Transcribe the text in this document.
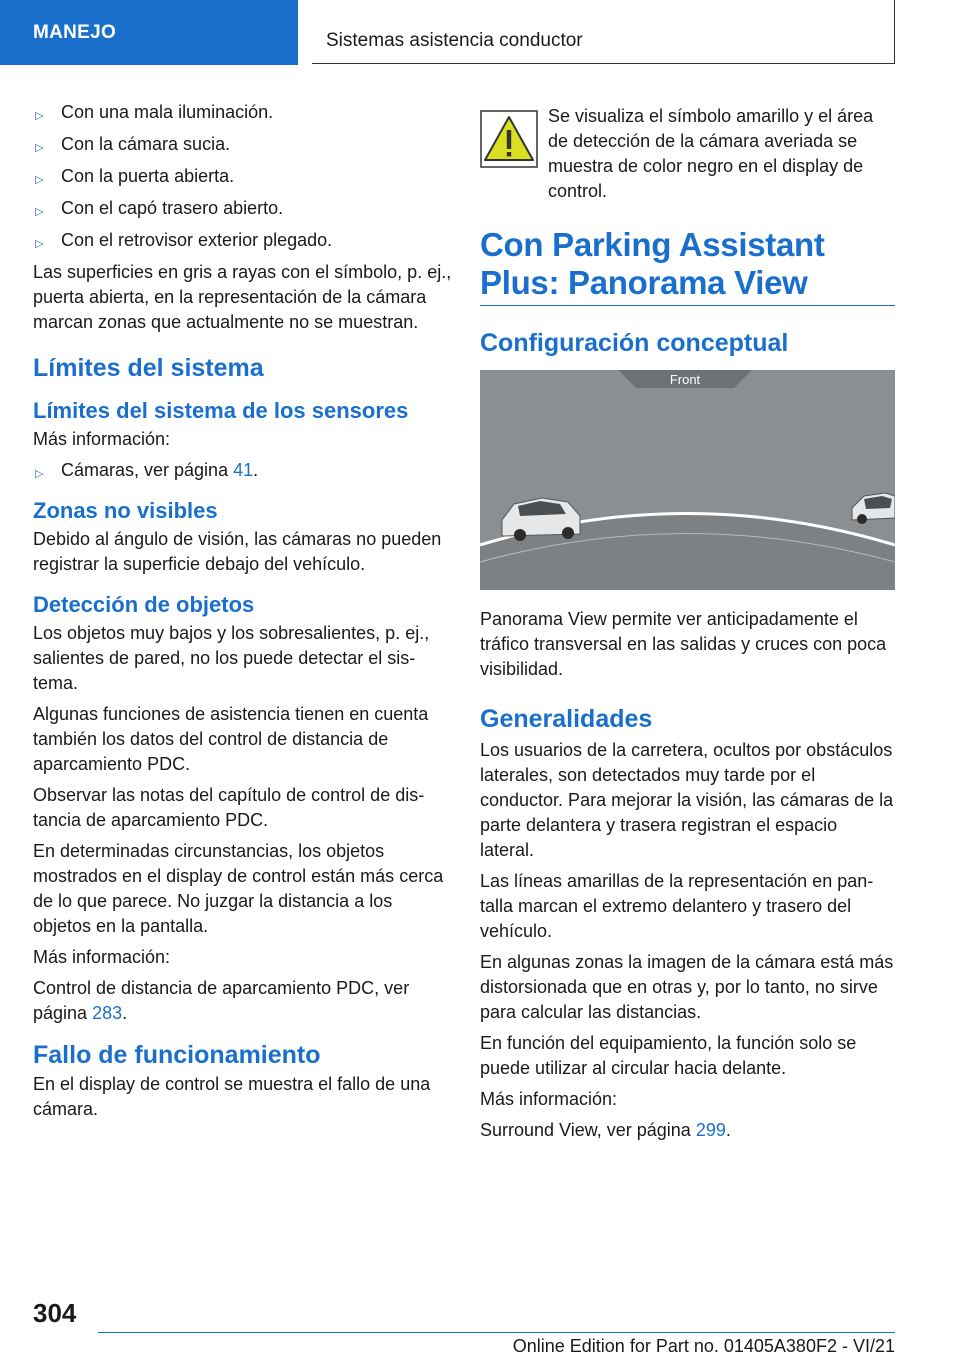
MANEJO	Sistemas asistencia conductor
▷ Con una mala iluminación.
▷ Con la cámara sucia.
▷ Con la puerta abierta.
▷ Con el capó trasero abierto.
▷ Con el retrovisor exterior plegado.

Las superficies en gris a rayas con el símbolo, p. ej., puerta abierta, en la representación de la cámara marcan zonas que actualmente no se muestran.

Límites del sistema
Límites del sistema de los sensores

Más información:

▷ Cámaras, ver página 41.
Zonas no visibles

Debido al ángulo de visión, las cámaras no pueden registrar la superficie debajo del vehículo.

Detección de objetos

Los objetos muy bajos y los sobresalientes, p. ej., salientes de pared, no los puede detectar el sistema.

Algunas funciones de asistencia tienen en cuenta también los datos del control de distancia de aparcamiento PDC.

Observar las notas del capítulo de control de distancia de aparcamiento PDC.

En determinadas circunstancias, los objetos mostrados en el display de control están más cerca de lo que parece. No juzgar la distancia a los objetos en la pantalla.

Más información:

Control de distancia de aparcamiento PDC, ver página 283.

Fallo de funcionamiento

En el display de control se muestra el fallo de una cámara.

Se visualiza el símbolo amarillo y el área de detección de la cámara averiada se muestra de color negro en el display de control.

Con Parking Assistant Plus: Panorama View
Configuración conceptual
Front

Panorama View permite ver anticipadamente el tráfico transversal en las salidas y cruces con poca visibilidad.

Generalidades

Los usuarios de la carretera, ocultos por obstáculos laterales, son detectados muy tarde por el conductor. Para mejorar la visión, las cámaras de la parte delantera y trasera registran el espacio lateral.

Las líneas amarillas de la representación en pantalla marcan el extremo delantero y trasero del vehículo.

En algunas zonas la imagen de la cámara está más distorsionada que en otras y, por lo tanto, no sirve para calcular las distancias.

En función del equipamiento, la función solo se puede utilizar al circular hacia delante.

Más información:

Surround View, ver página 299.

304
Online Edition for Part no. 01405A380F2 - VI/21
